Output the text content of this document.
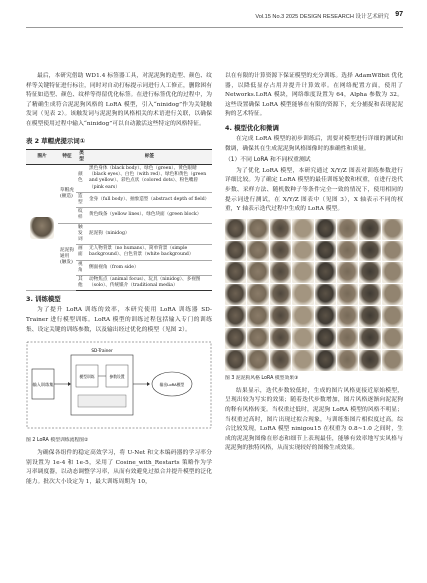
Vol.15 No.3 2025 DESIGN RESEARCH 设计艺术研究 97

最后，本研究借助 WD1.4 标签器工具，对泥泥狗的造型、颜色、纹样等关键特征进行标注，同时对自动打标提示词进行人工修正，删除困有特征如造型、颜色、纹样等得留优化标签。在进行标签优化的过程中，为了精确生成符合泥泥狗风格的 LoRA 模型，引入“ninidog”作为关键触发词（见表 2）。该触发词与泥泥狗的风格相关的术语进行关联，以确保在模型使用过程中输入“ninidog”可以自动激活这些特定的风格特征。

表 2 草帽虎提示词①
图片	特征	类型	标签

	草帽虎(额造)	颜色	黑色身体（black body）、绿色（green）、黄色眼睛（black eyes）、白色（with red）、绿色和黄色（green and yellow）、彩色点状（colored dots）、粉色嘴唇（pink ears）
		造型	金身（full body）、抽象造型（abstract depth of field）
		纹样	黄色线条（yellow lines）、绿色块面（green block）
	泥泥狗通用(触发)	触发词	泥泥狗（ninidog）
		画面	无人物背景（no humans）、简单背景（simple background）、白色背景（white background）
		视角	侧面视角（from side）
		其他	动物焦点（animal focus）、玩具（ninidog）、多视图（solo）、传统媒介（traditional media）
3. 训练模型

为了提升 LoRA 训练的效率，本研究使用 LoRA 训练器 SD-Trainer 进行模型训练。LoRA 模型的训练过程包括输入专门的训练集、设定关键的训练参数，以及输出经过优化的模型（见图 2）。

输入训练集
SD-Trainer
模型训练	参数设置
输出LoRA模型
图 2 LoRA 模型训练流程图②

为确保各组件的稳定高效学习，将 U-Net 和文本编码器的学习率分别设置为 1e-4 和 1e-5，采用了 Cosine_with_Restarts 策略作为学习率调度器，以动态调整学习率，从而有效避免过拟合并提升模型的泛化能力。批次大小设定为 1，最大训练周期为 10，

以在有限的计算资源下保证模型的充分训练。选择 AdamW8bit 优化器，以降低显存占用并提升计算效率。在网络配置方面，使用了 Networks.LoRA 模块，网络维度设置为 64，Alpha 参数为 32。这些设置确保 LoRA 模型能够在有限的资源下，充分捕捉和表现泥泥狗的艺术特征。

4. 模型优化和微调

在完成 LoRA 模型的初步训练后，需要对模型进行详细的测试和微调，确保其在生成泥泥狗风格图像时的准确性和质量。

（1）不同 LoRA 和不同权重测试

为了优化 LoRA 模型，本研究通过 X/Y/Z 图表对训练参数进行详细比较。为了确定 LoRA 模型的最佳训练轮数和权重，在进行迭代步数、采样方法、随机数种子等条件完全一致的情况下，使用相同的提示词进行测试，在 X/Y/Z 图表中（见图 3），X 轴表示不同的权重，Y 轴表示迭代过程中生成的 LoRA 模型。

图 3 泥泥狗风格 LoRA 模型效果③

结果显示，迭代步数较低时，生成的图片风格更接近原始模型，呈现出较为写实的效果；随着迭代步数增加，图片风格逐渐向泥泥狗的释有风格转变。当权重过低时，泥泥狗 LoRA 模型的风格不明显；当权重过高时，图片出现过拟合现象，与训练集图片相似度过高。综合比较发现，LoRA 模型 ninigou15 在权重为 0.8~1.0 之间时，生成的泥泥狗图像在形态和细节上表现最佳，能够有效率地写实风格与泥泥狗的独特风格，从而实现较好的图像生成效果。
